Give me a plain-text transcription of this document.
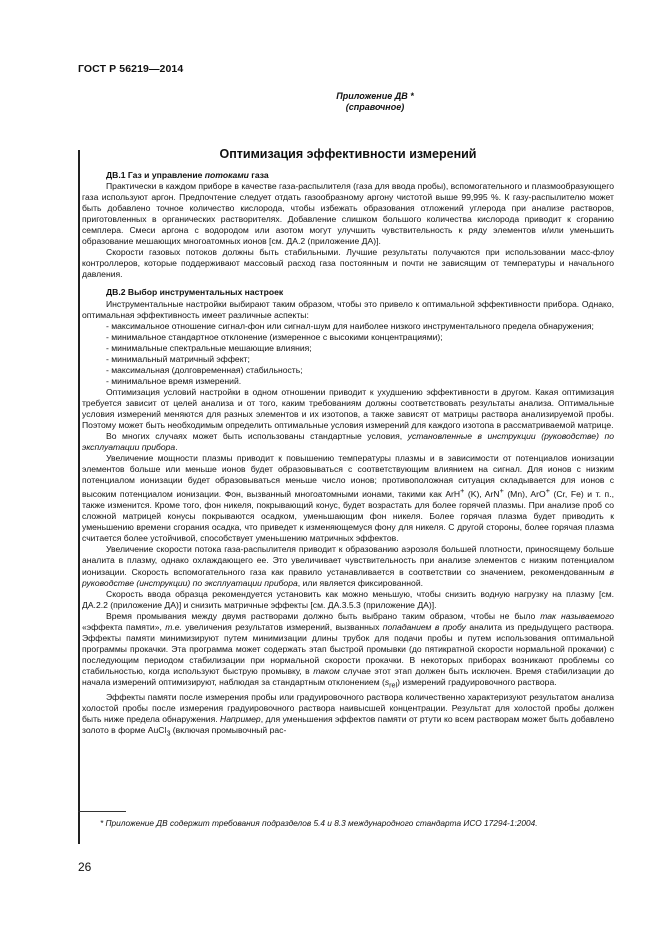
ГОСТ Р 56219—2014
Приложение ДВ *
(справочное)
Оптимизация эффективности измерений

ДВ.1 Газ и управление потоками газа

Практически в каждом приборе в качестве газа-распылителя (газа для ввода пробы), вспомогательного и плазмообразующего газа используют аргон. Предпочтение следует отдать газообразному аргону чистотой выше 99,995 %. К газу-распылителю может быть добавлено точное количество кислорода, чтобы избежать образования отложений углерода при анализе растворов, приготовленных в органических растворителях. Добавление слишком большого количества кислорода приводит к сгоранию семплера. Смеси аргона с водородом или азотом могут улучшить чувствительность к ряду элементов и/или уменьшить образование мешающих многоатомных ионов [см. ДА.2 (приложение ДА)].

Скорости газовых потоков должны быть стабильными. Лучшие результаты получаются при использовании масс-флоу контроллеров, которые поддерживают массовый расход газа постоянным и почти не зависящим от температуры и начального давления.

ДВ.2 Выбор инструментальных настроек

Инструментальные настройки выбирают таким образом, чтобы это привело к оптимальной эффективности прибора. Однако, оптимальная эффективность имеет различные аспекты:

- максимальное отношение сигнал-фон или сигнал-шум для наиболее низкого инструментального предела обнаружения;

- минимальное стандартное отклонение (измеренное с высокими концентрациями);

- минимальные спектральные мешающие влияния;

- минимальный матричный эффект;

- максимальная (долговременная) стабильность;

- минимальное время измерений.

Оптимизация условий настройки в одном отношении приводит к ухудшению эффективности в другом. Какая оптимизация требуется зависит от целей анализа и от того, каким требованиям должны соответствовать результаты анализа. Оптимальные условия измерений меняются для разных элементов и их изотопов, а также зависят от матрицы раствора анализируемой пробы. Поэтому может быть необходимым определить оптимальные условия измерений для каждого изотопа в рассматриваемой матрице.

Во многих случаях может быть использованы стандартные условия, установленные в инструкции (руководстве) по эксплуатации прибора.

Увеличение мощности плазмы приводит к повышению температуры плазмы и в зависимости от потенциалов ионизации элементов больше или меньше ионов будет образовываться с соответствующим влиянием на сигнал. Для ионов с низким потенциалом ионизации будет образовываться меньше число ионов; противоположная ситуация складывается для ионов с высоким потенциалом ионизации. Фон, вызванный многоатомными ионами, такими как ArH+ (K), ArN+ (Mn), ArO+ (Cr, Fe) и т. п., также изменится. Кроме того, фон никеля, покрывающий конус, будет возрастать для более горячей плазмы. При анализе проб со сложной матрицей конусы покрываются осадком, уменьшающим фон никеля. Более горячая плазма будет приводить к уменьшению времени сгорания осадка, что приведет к изменяющемуся фону для никеля. С другой стороны, более горячая плазма считается более устойчивой, способствует уменьшению матричных эффектов.

Увеличение скорости потока газа-распылителя приводит к образованию аэрозоля большей плотности, приносящему больше аналита в плазму, однако охлаждающего ее. Это увеличивает чувствительность при анализе элементов с низким потенциалом ионизации. Скорость вспомогательного газа как правило устанавливается в соответствии со значением, рекомендованным в руководстве (инструкции) по эксплуатации прибора, или является фиксированной.

Скорость ввода образца рекомендуется установить как можно меньшую, чтобы снизить водную нагрузку на плазму [см. ДА.2.2 (приложение ДА)] и снизить матричные эффекты [см. ДА.3.5.3 (приложение ДА)].

Время промывания между двумя растворами должно быть выбрано таким образом, чтобы не было так называемого «эффекта памяти», т.е. увеличения результатов измерений, вызванных попаданием в пробу аналита из предыдущего раствора. Эффекты памяти минимизируют путем минимизации длины трубок для подачи пробы и путем использования оптимальной программы прокачки. Эта программа может содержать этап быстрой промывки (до пятикратной скорости нормальной прокачки) с последующим периодом стабилизации при нормальной скорости прокачки. В некоторых приборах возникают проблемы со стабильностью, когда используют быструю промывку, в таком случае этот этап должен быть исключен. Время стабилизации до начала измерений оптимизируют, наблюдая за стандартным отклонением $(s_{rel})$ измерений градуировочного раствора.

Эффекты памяти после измерения пробы или градуировочного раствора количественно характеризуют результатом анализа холостой пробы после измерения градуировочного раствора наивысшей концентрации. Результат для холостой пробы должен быть ниже предела обнаружения. Например, для уменьшения эффектов памяти от ртути ко всем растворам может быть добавлено золото в форме AuCl$_3$ (включая промывочный рас-

* Приложение ДВ содержит требования подразделов 5.4 и 8.3 международного стандарта ИСО 17294-1:2004.
26
